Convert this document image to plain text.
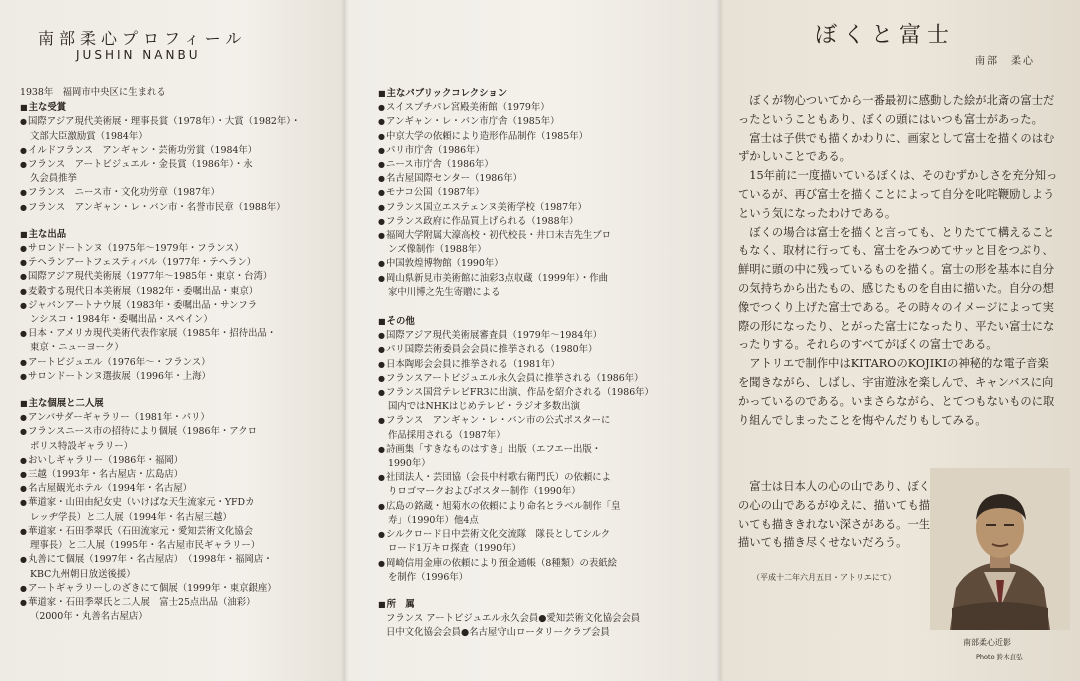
南部柔心プロフィール
JUSHIN NANBU
1938年　福岡市中央区に生まれる
■ 主な受賞
● 国際アジア現代美術展・理事長賞（1978年）・大賞（1982年）・
文部大臣激励賞（1984年）
● イルドフランス　アンギャン・芸術功労賞（1984年）
● フランス　アートビジュエル・金長賞（1986年）・永
久会員推挙
● フランス　ニース市・文化功労章（1987年）
● フランス　アンギャン・レ・バン市・名誉市民章（1988年）
■ 主な出品
● サロンドートンヌ（1975年〜1979年・フランス）
● テヘランアートフェスティバル（1977年・テヘラン）
● 国際アジア現代美術展（1977年〜1985年・東京・台湾）
● 麦穀する現代日本美術展（1982年・委嘱出品・東京）
● ジャパンアートナウ展（1983年・委嘱出品・サンフラ
ンシスコ・1984年・委嘱出品・スペイン）
● 日本・アメリカ現代美術代表作家展（1985年・招待出品・
東京・ニューヨーク）
● アートビジュエル（1976年〜・フランス）
● サロンドートンヌ選抜展（1996年・上海）
■ 主な個展と二人展
● アンバサダーギャラリー（1981年・パリ）
● フランスニース市の招待により個展（1986年・アクロ
ポリス特設ギャラリー）
● おいしギャラリー（1986年・福岡）
● 三越（1993年・名古屋店・広島店）
● 名古屋観光ホテル（1994年・名古屋）
● 華道家・山田由紀女史（いけばな天生流家元・YFDカ
レッヂ学長）と二人展（1994年・名古屋三越）
● 華道家・石田季翠氏（石田流家元・愛知芸術文化協会
理事長）と二人展（1995年・名古屋市民ギャラリー）
● 丸善にて個展（1997年・名古屋店）　（1998年・福岡店・
KBC九州朝日放送後援）
● アートギャラリーしのざきにて個展（1999年・東京銀座）
● 華道家・石田季翠氏と二人展　富士25点出品（油彩）
（2000年・丸善名古屋店）
■ 主なパブリックコレクション
● スイスプチパレ宮殿美術館（1979年）
● アンギャン・レ・バン市庁舎（1985年）
● 中京大学の依頼により造形作品制作（1985年）
● パリ市庁舎（1986年）
● ニース市庁舎（1986年）
● 名古屋国際センター（1986年）
● モナコ公国（1987年）
● フランス国立エステェンヌ美術学校（1987年）
● フランス政府に作品買上げられる（1988年）
● 福岡大学附属大濠高校・初代校長・井口未吉先生ブロ
ンズ像制作（1988年）
● 中国敦煌博物館（1990年）
● 岡山県新見市美術館に油彩3点収蔵（1999年）・作曲
家中川博之先生寄贈による
■ その他
● 国際アジア現代美術展審査員（1979年〜1984年）
● パリ国際芸術委員会会員に推挙される（1980年）
● 日本陶彫会会員に推挙される（1981年）
● フランスアートビジュエル永久会員に推挙される（1986年）
● フランス国営テレビFR3に出演、作品を紹介される（1986年）
国内ではNHKはじめテレビ・ラジオ多数出演
● フランス　アンギャン・レ・バン市の公式ポスターに
作品採用される（1987年）
● 詩画集「すきなものはすき」出版（エフエー出版・
1990年）
● 社団法人・芸団協（会長中村歌右衛門氏）の依頼によ
りロゴマークおよびポスター制作（1990年）
● 広島の銘蔵・旭菊水の依頼により命名とラベル制作「皇
寿」（1990年）他4点
● シルクロード日中芸術文化交流隊　隊長としてシルク
ロード1万キロ探査（1990年）
● 岡崎信用金庫の依頼により預金通帳（8種類）の表紙絵
を制作（1996年）
■ 所　属
フランス アートビジュエル永久会員●愛知芸術文化協会会員
日中文化協会会員●名古屋守山ロータリークラブ会員
ぼくと富士
南部　柔心

ぼくが物心ついてから一番最初に感動した絵が北斎の富士だったということもあり、ぼくの頭にはいつも富士があった。

富士は子供でも描くかわりに、画家として富士を描くのはむずかしいことである。

15年前に一度描いているぼくは、そのむずかしさを充分知っているが、再び富士を描くことによって自分を叱咤鞭励しようという気になったわけである。

ぼくの場合は富士を描くと言っても、とりたてて構えることもなく、取材に行っても、富士をみつめてサッと目をつぶり、鮮明に頭の中に残っているものを描く。富士の形を基本に自分の気持ちから出たもの、感じたものを自由に描いた。自分の想像でつくり上げた富士である。その時々のイメージによって実際の形になったり、とがった富士になったり、平たい富士になったりする。それらのすべてがぼくの富士である。

アトリエで制作中はKITAROのKOJIKIの神秘的な電子音楽を聞きながら、しばし、宇宙遊泳を楽しんで、キャンバスに向かっているのである。いまさらながら、とてつもないものに取り組んでしまったことを悔やんだりもしてみる。

富士は日本人の心の山であり、ぼくの心の山であるがゆえに、描いても描いても描ききれない深さがある。一生描いても描き尽くせないだろう。

（平成十二年六月五日・アトリエにて）
南部柔心近影
Photo 鈴木貞弘
